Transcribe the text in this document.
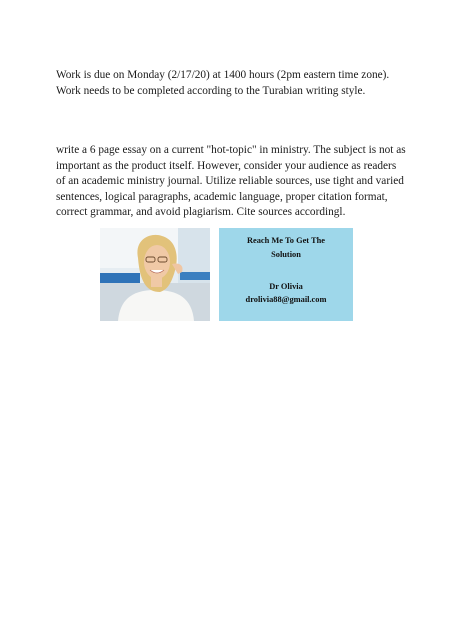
Work is due on Monday (2/17/20) at 1400 hours (2pm eastern time zone). Work needs to be completed according to the Turabian writing style.

write a 6 page essay on a current "hot-topic" in ministry. The subject is not as important as the product itself. However, consider your audience as readers of an academic ministry journal. Utilize reliable sources, use tight and varied sentences, logical paragraphs, academic language, proper citation format, correct grammar, and avoid plagiarism. Cite sources accordingl.

Reach Me To Get The
Solution
Dr Olivia
drolivia88@gmail.com
